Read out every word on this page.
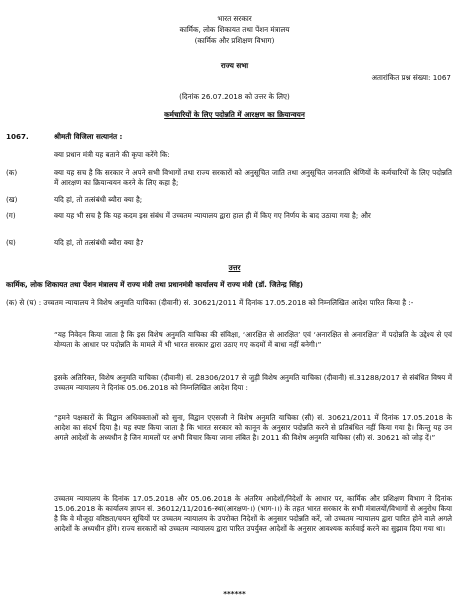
भारत सरकार
कार्मिक, लोक शिकायत तथा पेंशन मंत्रालय
(कार्मिक और प्रशिक्षण विभाग)
राज्य सभा
अतारांकित प्रश्न संख्या: 1067
(दिनांक 26.07.2018 को उत्तर के लिए)
कर्मचारियों के लिए पदोन्नति में आरक्षण का क्रियान्वयन
1067.	श्रीमती विजिला सत्यानंत :
क्या प्रधान मंत्री यह बताने की कृपा करेंगे कि:
(क)	क्या यह सच है कि सरकार ने अपने सभी विभागों तथा राज्य सरकारों को अनुसूचित जाति तथा अनुसूचित जनजाति श्रेणियों के कर्मचारियों के लिए पदोन्नति में आरक्षण का क्रियान्वयन करने के लिए कहा है;
(ख)	यदि हां, तो तत्संबंधी ब्यौरा क्या है;
(ग)	क्या यह भी सच है कि यह कदम इस संबंध में उच्चतम न्यायालय द्वारा हाल ही में किए गए निर्णय के बाद उठाया गया है; और
(घ)	यदि हां, तो तत्संबंधी ब्यौरा क्या है?
उत्तर
कार्मिक, लोक शिकायत तथा पेंशन मंत्रालय में राज्य मंत्री तथा प्रधानमंत्री कार्यालय में राज्य मंत्री (डॉ. जितेन्द्र सिंह)
(क) से (घ) : उच्चतम न्यायालय ने विशेष अनुमति याचिका (दीवानी) सं. 30621/2011 में दिनांक 17.05.2018 को निम्नलिखित आदेश पारित किया है :-
“यह निवेदन किया जाता है कि इस विशेष अनुमति याचिका की संविक्षा, ‘आरक्षित से आरक्षित’ एवं ‘अनारक्षित से अनारक्षित’ में पदोन्नति के उद्देश्य से एवं योग्यता के आधार पर पदोन्नति के मामले में भी भारत सरकार द्वारा उठाए गए कदमों में बाधा नहीं बनेगी।”
इसके अतिरिक्त, विशेष अनुमति याचिका (दीवानी) सं. 28306/2017 से जुड़ी विशेष अनुमति याचिका (दीवानी) सं.31288/2017 से संबंधित विषय में उच्चतम न्यायालय ने दिनांक 05.06.2018 को निम्नलिखित आदेश दिया :
“हमने पक्षकारों के विद्वान अधिवक्ताओं को सुना, विद्वान एएसजी ने विशेष अनुमति याचिका (सी) सं. 30621/2011 में दिनांक 17.05.2018 के आदेश का संदर्भ दिया है। यह स्पष्ट किया जाता है कि भारत सरकार को कानून के अनुसार पदोन्नति करने से प्रतिबंधित नहीं किया गया है। किन्तु यह उन अगले आदेशों के अध्यधीन है जिन मामलों पर अभी विचार किया जाना लंबित है। 2011 की विशेष अनुमति याचिका (सी) सं. 30621 को जोड़ दें।”
उच्चतम न्यायालय के दिनांक 17.05.2018 और 05.06.2018 के अंतरिम आदेशों/निदेशों के आधार पर, कार्मिक और प्रशिक्षण विभाग ने दिनांक 15.06.2018 के कार्यालय ज्ञापन सं. 36012/11/2016-स्था(आरक्षण-।) (भाग-।।) के तहत भारत सरकार के सभी मंत्रालयों/विभागों से अनुरोध किया है कि वे मौजूदा वरिष्ठता/चयन सूचियों पर उच्चतम न्यायालय के उपरोक्त निदेशों के अनुसार पदोन्नति करें, जो उच्चतम न्यायालय द्वारा पारित होने वाले अगले आदेशों के अध्यधीन होंगे। राज्य सरकारों को उच्चतम न्यायालय द्वारा पारित उपर्युक्त आदेशों के अनुसार आवश्यक कार्रवाई करने का सुझाव दिया गया था।
******
